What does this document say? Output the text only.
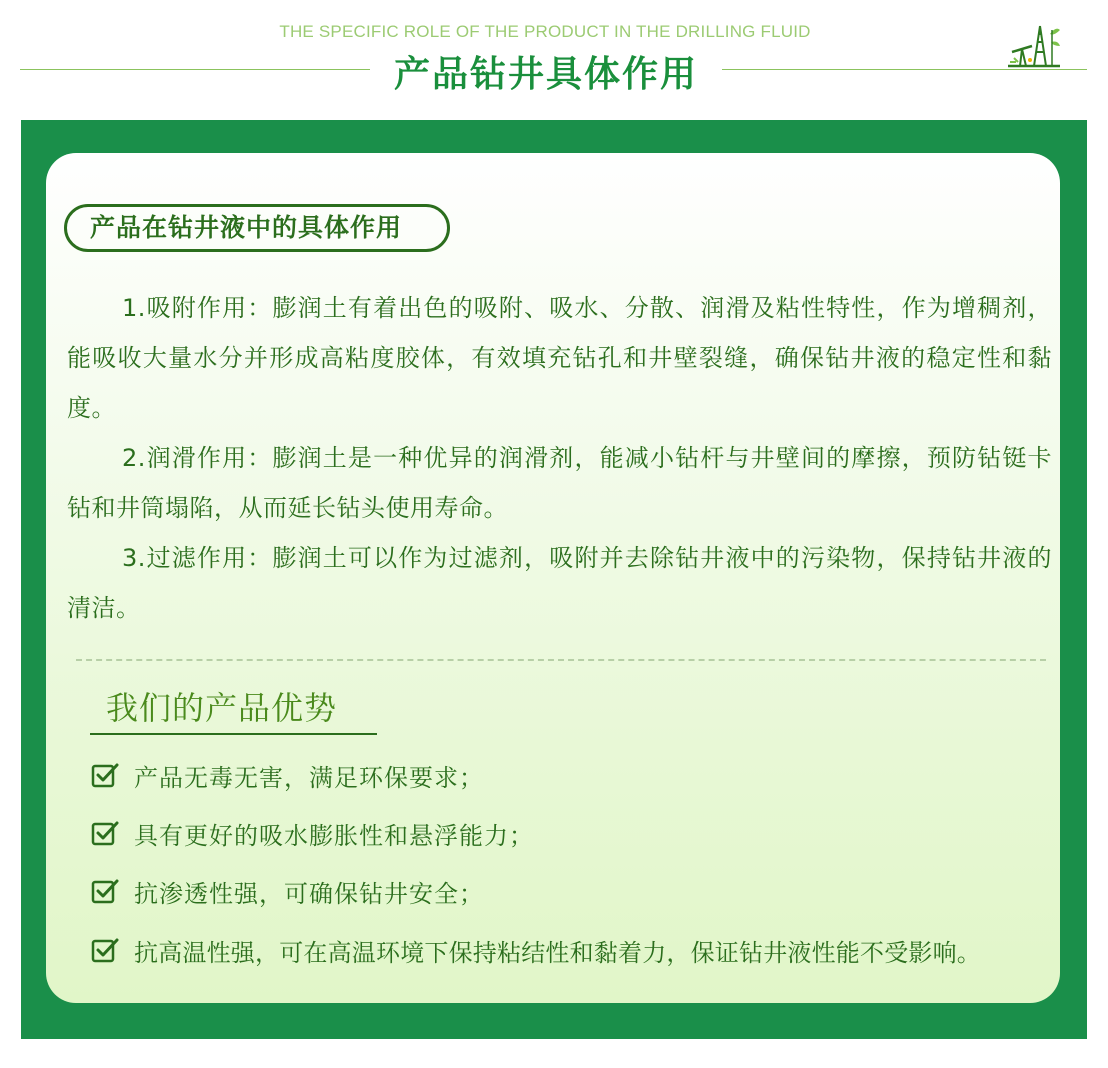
THE SPECIFIC ROLE OF THE PRODUCT IN THE DRILLING FLUID
产品钻井具体作用
产品在钻井液中的具体作用

1.吸附作用：膨润土有着出色的吸附、吸水、分散、润滑及粘性特性，作为增稠剂，能吸收大量水分并形成高粘度胶体，有效填充钻孔和井壁裂缝，确保钻井液的稳定性和黏度。

2.润滑作用：膨润土是一种优异的润滑剂，能减小钻杆与井壁间的摩擦，预防钻铤卡钻和井筒塌陷，从而延长钻头使用寿命。

3.过滤作用：膨润土可以作为过滤剂，吸附并去除钻井液中的污染物，保持钻井液的清洁。

我们的产品优势
产品无毒无害，满足环保要求；
具有更好的吸水膨胀性和悬浮能力；
抗渗透性强，可确保钻井安全；
抗高温性强，可在高温环境下保持粘结性和黏着力，保证钻井液性能不受影响。
